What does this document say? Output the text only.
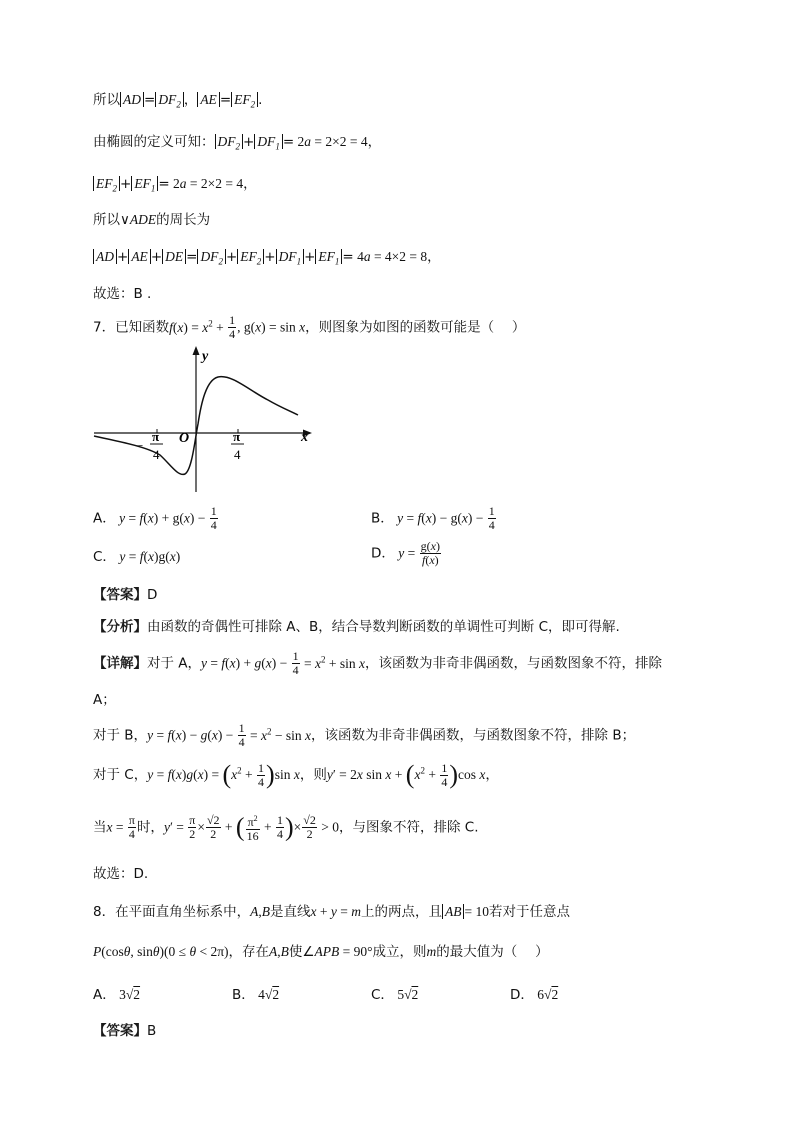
所以 AD = $DF_2$ ， AE = $EF_2$ .
由椭圆的定义可知： $DF_2 + DF_1 = 2a = 2\times 2 = 4$，
$EF_2 + EF_1 = 2a = 2\times 2 = 4$，
所以∨ADE的周长为
AD + AE + DE = $DF_2 + EF_2 + DF_1 + EF_1 = 4a = 4\times 2 = 8$，
故选：B .
7．已知函数$f(x) = x^2 + \frac{1}{4}$ , g(x) = sin x，则图象为如图的函数可能是（　 ）
y
x
O
−
π
4
π
4
A． $y = f(x) + g(x) - \frac{1}{4}$	B． $y = f(x) - g(x) - \frac{1}{4}$
C． y = f(x)g(x)	D． $y = \frac{g(x)}{f(x)}$
【答案】D
【分析】由函数的奇偶性可排除 A、B，结合导数判断函数的单调性可判断 C，即可得解.
【详解】对于 A，$y = f(x) + g(x) - \frac{1}{4} = x^2 + \sin x$，该函数为非奇非偶函数，与函数图象不符，排除
A；
对于 B，$y = f(x) - g(x) - \frac{1}{4} = x^2 - \sin x$，该函数为非奇非偶函数，与函数图象不符，排除 B；
对于 C，$y = f(x)g(x) = (x^2 + \frac{1}{4} )\sin$ x，则y′ = 2x $\sin x + (x^2 + \frac{1}{4} )\cos$ x，
当$x = \frac{\pi}{4}$ 时，$y' = \frac{\pi}{2} \times \frac{√2}{2}$ + ( $\frac{\pi^2}{16} + \frac{1}{4}$ )× $\frac{√2}{2} > 0$，与图象不符，排除 C.
故选：D.
8．在平面直角坐标系中，A,B是直线x + y = m上的两点，且 AB = 10若对于任意点
P(cosθ, sinθ)(0 ≤ θ < 2π)，存在A,B使∠APB = 90°成立，则m的最大值为（　 ）
A． 3√2	B． 4√2	C． 5√2	D． 6√2
【答案】B
